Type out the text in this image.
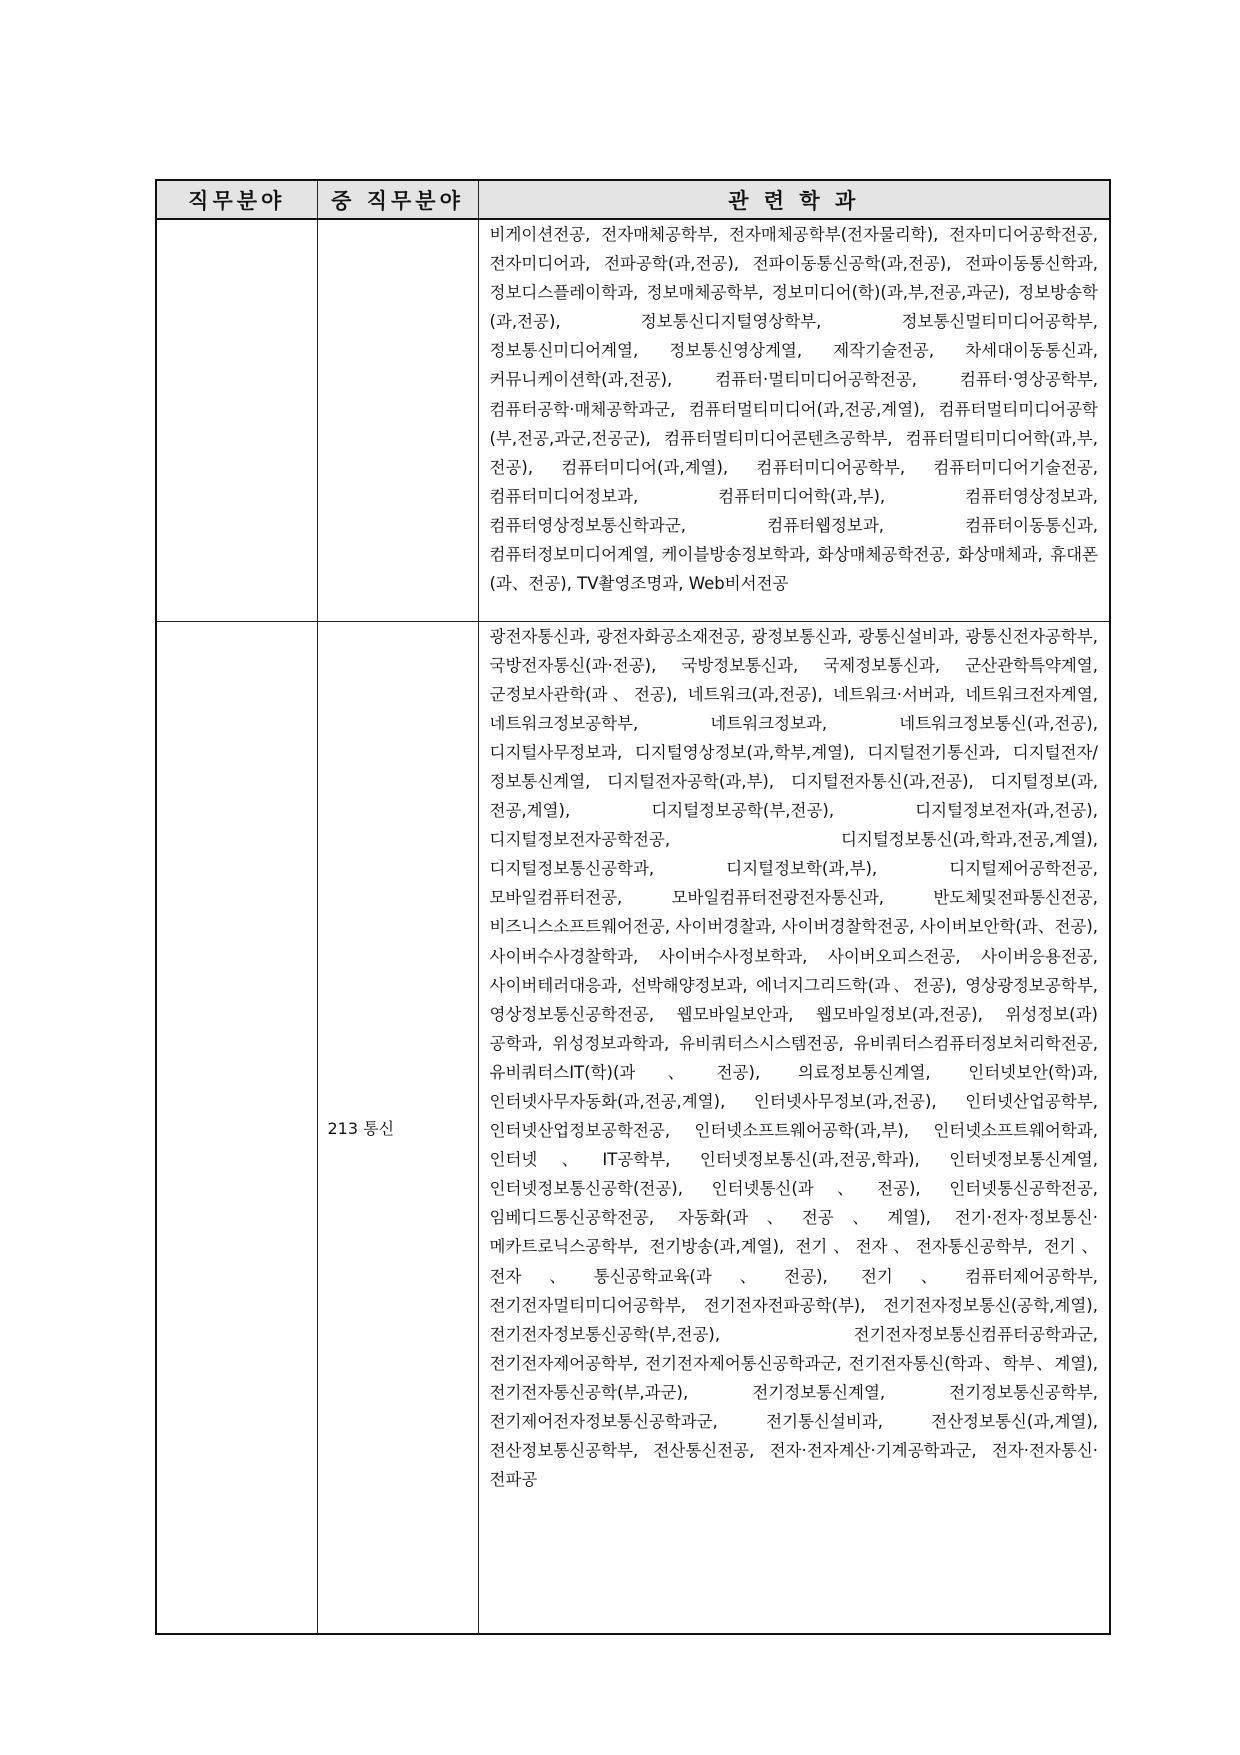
직무분야	중 직무분야	관 련 학 과

		비게이션전공, 전자매체공학부, 전자매체공학부(전자물리학), 전자미디어공학전공, 전자미디어과, 전파공학(과,전공), 전파이동통신공학(과,전공), 전파이동통신학과, 정보디스플레이학과, 정보매체공학부, 정보미디어(학)(과,부,전공,과군), 정보방송학(과,전공), 정보통신디지털영상학부, 정보통신멀티미디어공학부, 정보통신미디어계열, 정보통신영상계열, 제작기술전공, 차세대이동통신과, 커뮤니케이션학(과,전공), 컴퓨터·멀티미디어공학전공, 컴퓨터·영상공학부, 컴퓨터공학·매체공학과군, 컴퓨터멀티미디어(과,전공,계열), 컴퓨터멀티미디어공학(부,전공,과군,전공군), 컴퓨터멀티미디어콘텐츠공학부, 컴퓨터멀티미디어학(과,부,전공), 컴퓨터미디어(과,계열), 컴퓨터미디어공학부, 컴퓨터미디어기술전공, 컴퓨터미디어정보과, 컴퓨터미디어학(과,부), 컴퓨터영상정보과, 컴퓨터영상정보통신학과군, 컴퓨터웹정보과, 컴퓨터이동통신과, 컴퓨터정보미디어계열, 케이블방송정보학과, 화상매체공학전공, 화상매체과, 휴대폰(과、전공), TV촬영조명과, Web비서전공

	213 통신	광전자통신과, 광전자화공소재전공, 광정보통신과, 광통신설비과, 광통신전자공학부, 국방전자통신(과·전공), 국방정보통신과, 국제정보통신과, 군산관학특약계열, 군정보사관학(과、전공), 네트워크(과,전공), 네트워크·서버과, 네트워크전자계열, 네트워크정보공학부, 네트워크정보과, 네트워크정보통신(과,전공), 디지털사무정보과, 디지털영상정보(과,학부,계열), 디지털전기통신과, 디지털전자/정보통신계열, 디지털전자공학(과,부), 디지털전자통신(과,전공), 디지털정보(과,전공,계열), 디지털정보공학(부,전공), 디지털정보전자(과,전공), 디지털정보전자공학전공, 디지털정보통신(과,학과,전공,계열), 디지털정보통신공학과, 디지털정보학(과,부), 디지털제어공학전공, 모바일컴퓨터전공, 모바일컴퓨터전광전자통신과, 반도체및전파통신전공, 비즈니스소프트웨어전공, 사이버경찰과, 사이버경찰학전공, 사이버보안학(과、전공), 사이버수사경찰학과, 사이버수사정보학과, 사이버오피스전공, 사이버응용전공, 사이버테러대응과, 선박해양정보과, 에너지그리드학(과、전공), 영상광정보공학부, 영상정보통신공학전공, 웹모바일보안과, 웹모바일정보(과,전공), 위성정보(과)공학과, 위성정보과학과, 유비쿼터스시스템전공, 유비쿼터스컴퓨터정보처리학전공, 유비쿼터스IT(학)(과、전공), 의료정보통신계열, 인터넷보안(학)과, 인터넷사무자동화(과,전공,계열), 인터넷사무정보(과,전공), 인터넷산업공학부, 인터넷산업정보공학전공, 인터넷소프트웨어공학(과,부), 인터넷소프트웨어학과, 인터넷、IT공학부, 인터넷정보통신(과,전공,학과), 인터넷정보통신계열, 인터넷정보통신공학(전공), 인터넷통신(과、전공), 인터넷통신공학전공, 임베디드통신공학전공, 자동화(과、전공、계열), 전기·전자·정보통신·메카트로닉스공학부, 전기방송(과,계열), 전기、전자、전자통신공학부, 전기、전자、통신공학교육(과、전공), 전기、컴퓨터제어공학부, 전기전자멀티미디어공학부, 전기전자전파공학(부), 전기전자정보통신(공학,계열), 전기전자정보통신공학(부,전공), 전기전자정보통신컴퓨터공학과군, 전기전자제어공학부, 전기전자제어통신공학과군, 전기전자통신(학과、학부、계열), 전기전자통신공학(부,과군), 전기정보통신계열, 전기정보통신공학부, 전기제어전자정보통신공학과군, 전기통신설비과, 전산정보통신(과,계열), 전산정보통신공학부, 전산통신전공, 전자·전자계산·기계공학과군, 전자·전자통신·전파공
